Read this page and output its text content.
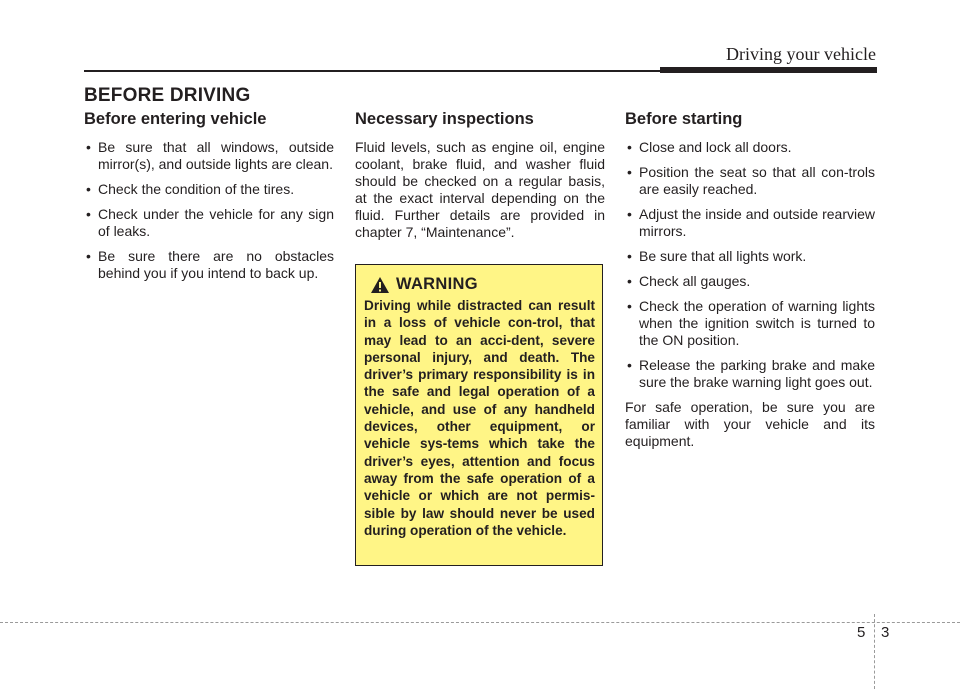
Driving your vehicle
BEFORE DRIVING
Before entering vehicle
• Be sure that all windows, outside mirror(s), and outside lights are clean.
• Check the condition of the tires.
• Check under the vehicle for any sign of leaks.
• Be sure there are no obstacles behind you if you intend to back up.
Necessary inspections

Fluid levels, such as engine oil, engine coolant, brake fluid, and washer fluid should be checked on a regular basis, at the exact interval depending on the fluid. Further details are provided in chapter 7, “Maintenance”.

WARNING

Driving while distracted can result in a loss of vehicle con-trol, that may lead to an acci-dent, severe personal injury, and death. The driver’s primary responsibility is in the safe and legal operation of a vehicle, and use of any handheld devices, other equipment, or vehicle sys-tems which take the driver’s eyes, attention and focus away from the safe operation of a vehicle or which are not permis-sible by law should never be used during operation of the vehicle.

Before starting
• Close and lock all doors.
• Position the seat so that all con-trols are easily reached.
• Adjust the inside and outside rearview mirrors.
• Be sure that all lights work.
• Check all gauges.
• Check the operation of warning lights when the ignition switch is turned to the ON position.
• Release the parking brake and make sure the brake warning light goes out.

For safe operation, be sure you are familiar with your vehicle and its equipment.

5 3
